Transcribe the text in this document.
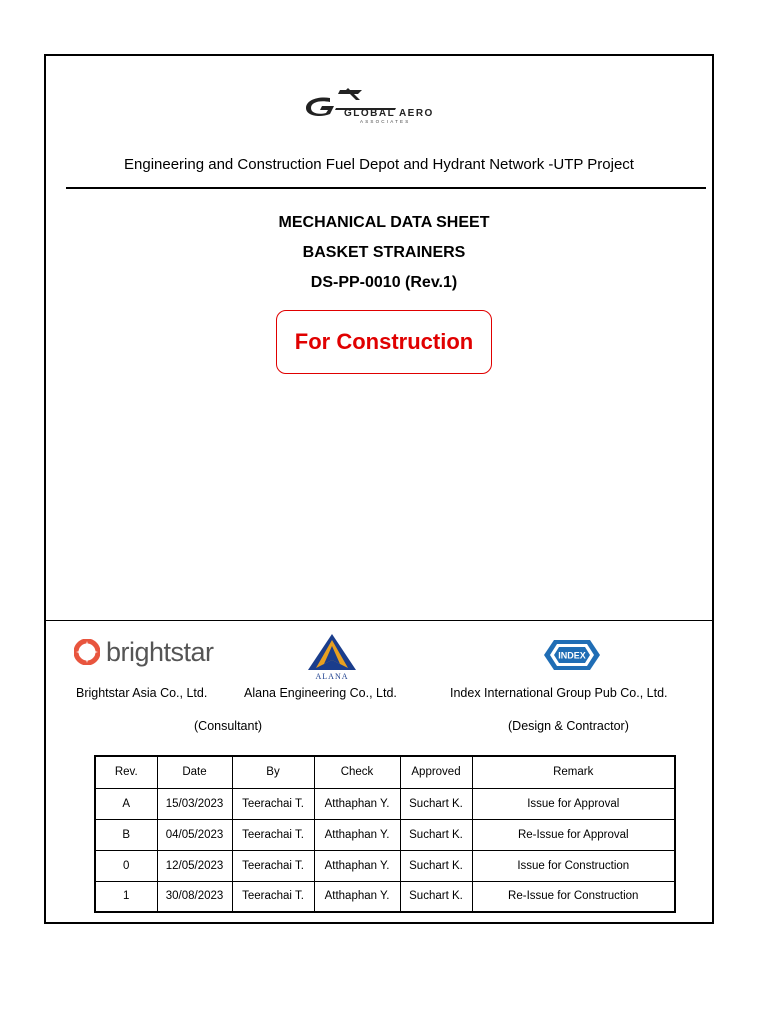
GLOBAL AERO
ASSOCIATES
Engineering and Construction Fuel Depot and Hydrant Network -UTP Project
MECHANICAL DATA SHEET
BASKET STRAINERS
DS-PP-0010 (Rev.1)
For Construction
brightstar
ALANA
INDEX
Brightstar Asia Co., Ltd.	Alana Engineering Co., Ltd.	Index International Group Pub Co., Ltd.
(Consultant)	(Design & Contractor)
Rev.	Date	By	Check	Approved	Remark
A	15/03/2023	Teerachai T.	Atthaphan Y.	Suchart K.	Issue for Approval
B	04/05/2023	Teerachai T.	Atthaphan Y.	Suchart K.	Re-Issue for Approval
0	12/05/2023	Teerachai T.	Atthaphan Y.	Suchart K.	Issue for Construction
1	30/08/2023	Teerachai T.	Atthaphan Y.	Suchart K.	Re-Issue for Construction
